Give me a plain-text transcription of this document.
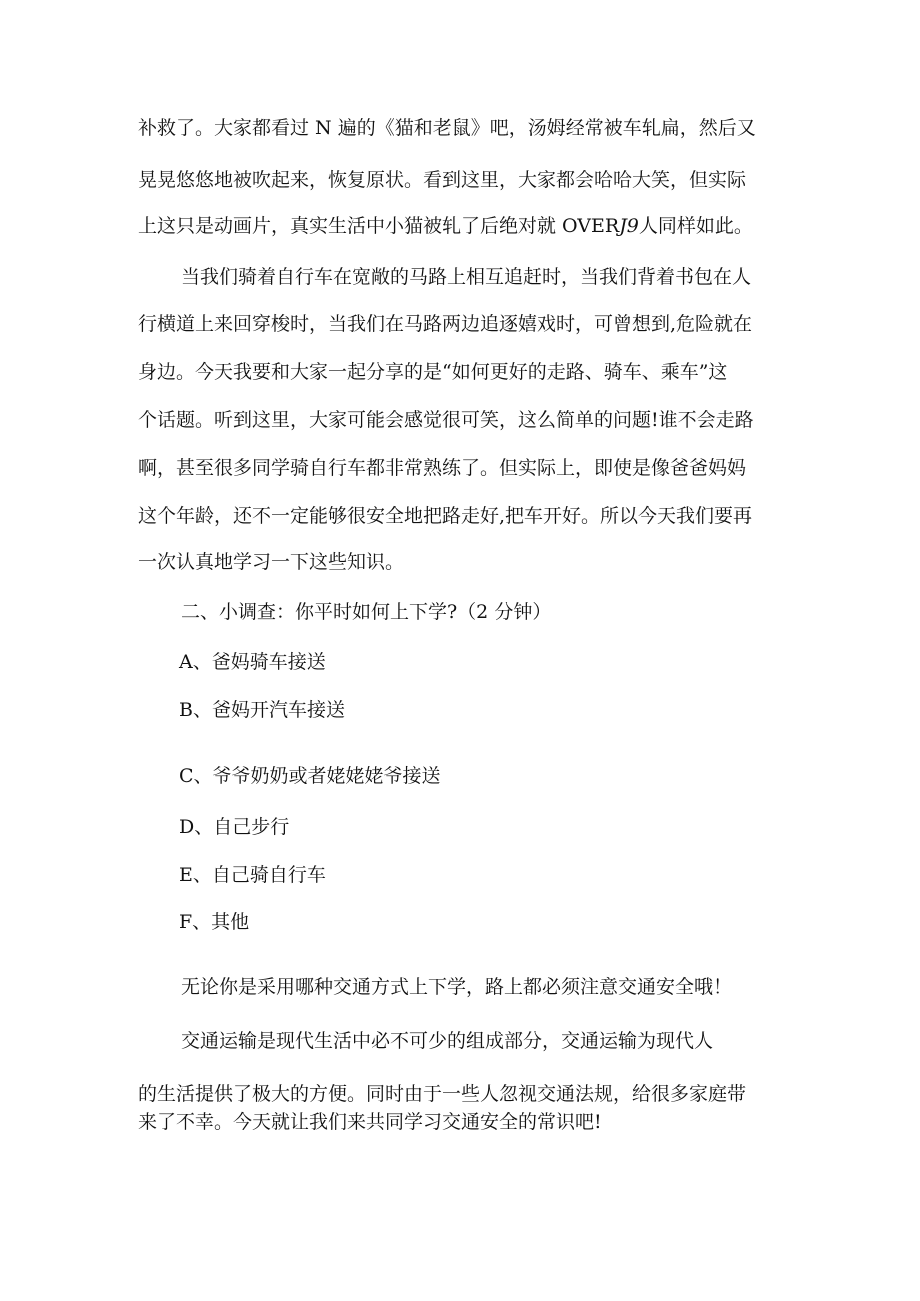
补救了。大家都看过 N 遍的《猫和老鼠》吧，汤姆经常被车轧扁，然后又
晃晃悠悠地被吹起来，恢复原状。看到这里，大家都会哈哈大笑，但实际
上这只是动画片，真实生活中小猫被轧了后绝对就 OVERJ9人同样如此。
当我们骑着自行车在宽敞的马路上相互追赶时，当我们背着书包在人
行横道上来回穿梭时，当我们在马路两边追逐嬉戏时，可曾想到,危险就在
身边。今天我要和大家一起分享的是“如何更好的走路、骑车、乘车”这
个话题。听到这里，大家可能会感觉很可笑，这么简单的问题!谁不会走路
啊，甚至很多同学骑自行车都非常熟练了。但实际上，即使是像爸爸妈妈
这个年龄，还不一定能够很安全地把路走好,把车开好。所以今天我们要再
一次认真地学习一下这些知识。
二、小调查：你平时如何上下学?（2 分钟）
A、爸妈骑车接送
B、爸妈开汽车接送
C、爷爷奶奶或者姥姥姥爷接送
D、自己步行
E、自己骑自行车
F、其他
无论你是采用哪种交通方式上下学，路上都必须注意交通安全哦！
交通运输是现代生活中必不可少的组成部分，交通运输为现代人
的生活提供了极大的方便。同时由于一些人忽视交通法规，给很多家庭带
来了不幸。今天就让我们来共同学习交通安全的常识吧!
